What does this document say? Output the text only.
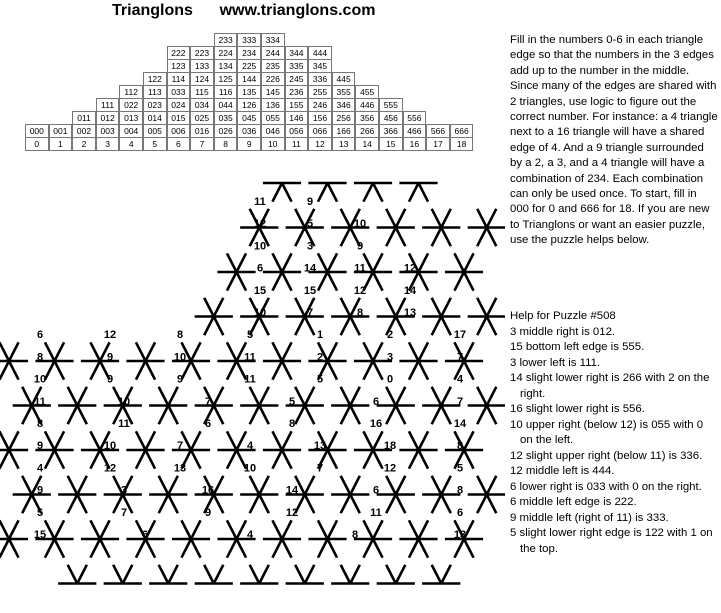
Trianglons www.trianglons.com
233	333	334
222	223	224	234	244	344	444
123	133	134	225	235	335	345
122	114	124	125	144	226	245	336	445
112	113	033	115	116	135	145	236	255	355	455
111	022	023	024	034	044	126	136	155	246	346	446	555
011	012	013	014	015	025	035	045	055	146	156	256	356	456	556
000	001	002	003	004	005	006	016	026	036	046	056	066	166	266	366	466	566	666
0	1	2	3	4	5	6	7	8	9	10	11	12	13	14	15	16	17	18
Fill in the numbers 0-6 in each triangle edge so that the numbers in the 3 edges add up to the number in the middle. Since many of the edges are shared with 2 triangles, use logic to figure out the correct number. For instance: a 4 triangle next to a 16 triangle will have a shared edge of 4. And a 9 triangle surrounded by a 2, a 3, and a 4 triangle will have a combination of 234. Each combination can only be used once. To start, fill in 000 for 0 and 666 for 18. If you are new to Trianglons or want an easier puzzle, use the puzzle helps below.
Help for Puzzle #508
3 middle right is 012.
15 bottom left edge is 555.
3 lower left is 111.
14 slight lower right is 266 with 2 on the right.
16 slight lower right is 556.
10 upper right (below 12) is 055 with 0 on the left.
12 slight upper right (below 11) is 336.
12 middle left is 444.
6 lower right is 033 with 0 on the right.
6 middle left edge is 222.
9 middle left (right of 11) is 333.
5 slight lower right edge is 122 with 1 on the top.
11	9
12	5	10
10	3	9
6	14	11	12
15	15	12	14
10	7	8	13
6	12	8	5	1	2	17
8	9	10	11	2	3	7
10	9	9	11	5	0	4
11	10	7	5	6	7
8	11	6	8	16	14
9	10	7	4	13	18	8
4	12	13	10	7	12	5
9	3	16	14	6	8
5	7	9	12	11	6
15	6	4	8	13
